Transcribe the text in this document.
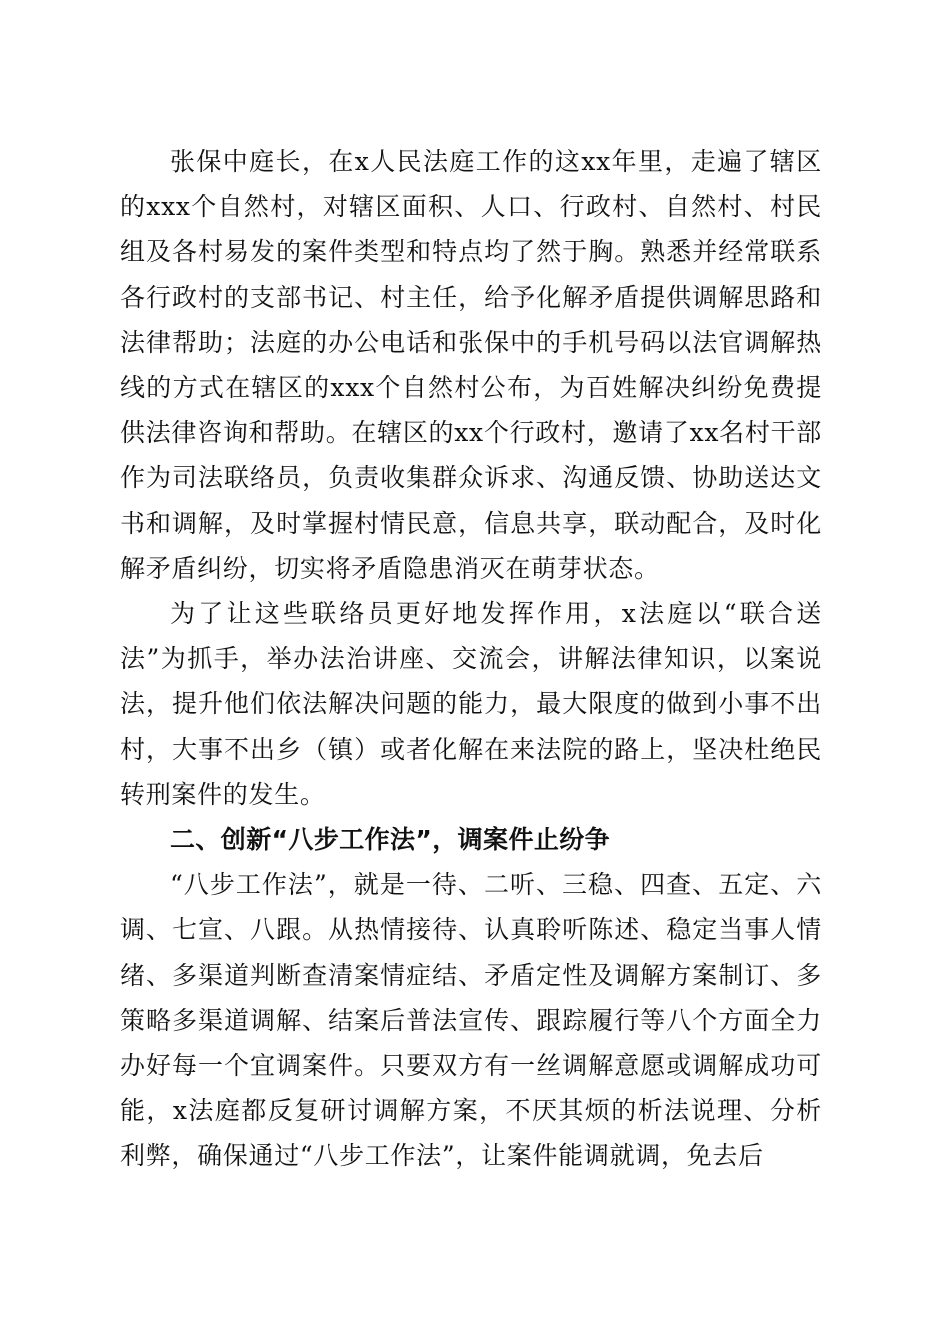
张保中庭长，在x人民法庭工作的这xx年里，走遍了辖区的xxx个自然村，对辖区面积、人口、行政村、自然村、村民组及各村易发的案件类型和特点均了然于胸。熟悉并经常联系各行政村的支部书记、村主任，给予化解矛盾提供调解思路和法律帮助；法庭的办公电话和张保中的手机号码以法官调解热线的方式在辖区的xxx个自然村公布，为百姓解决纠纷免费提供法律咨询和帮助。在辖区的xx个行政村，邀请了xx名村干部作为司法联络员，负责收集群众诉求、沟通反馈、协助送达文书和调解，及时掌握村情民意，信息共享，联动配合，及时化解矛盾纠纷，切实将矛盾隐患消灭在萌芽状态。

为了让这些联络员更好地发挥作用，x法庭以“联合送法”为抓手，举办法治讲座、交流会，讲解法律知识，以案说法，提升他们依法解决问题的能力，最大限度的做到小事不出村，大事不出乡（镇）或者化解在来法院的路上，坚决杜绝民转刑案件的发生。

二、创新“八步工作法”，调案件止纷争

“八步工作法”，就是一待、二听、三稳、四查、五定、六调、七宣、八跟。从热情接待、认真聆听陈述、稳定当事人情绪、多渠道判断查清案情症结、矛盾定性及调解方案制订、多策略多渠道调解、结案后普法宣传、跟踪履行等八个方面全力办好每一个宜调案件。只要双方有一丝调解意愿或调解成功可能，x法庭都反复研讨调解方案，不厌其烦的析法说理、分析利弊，确保通过“八步工作法”，让案件能调就调，免去后
